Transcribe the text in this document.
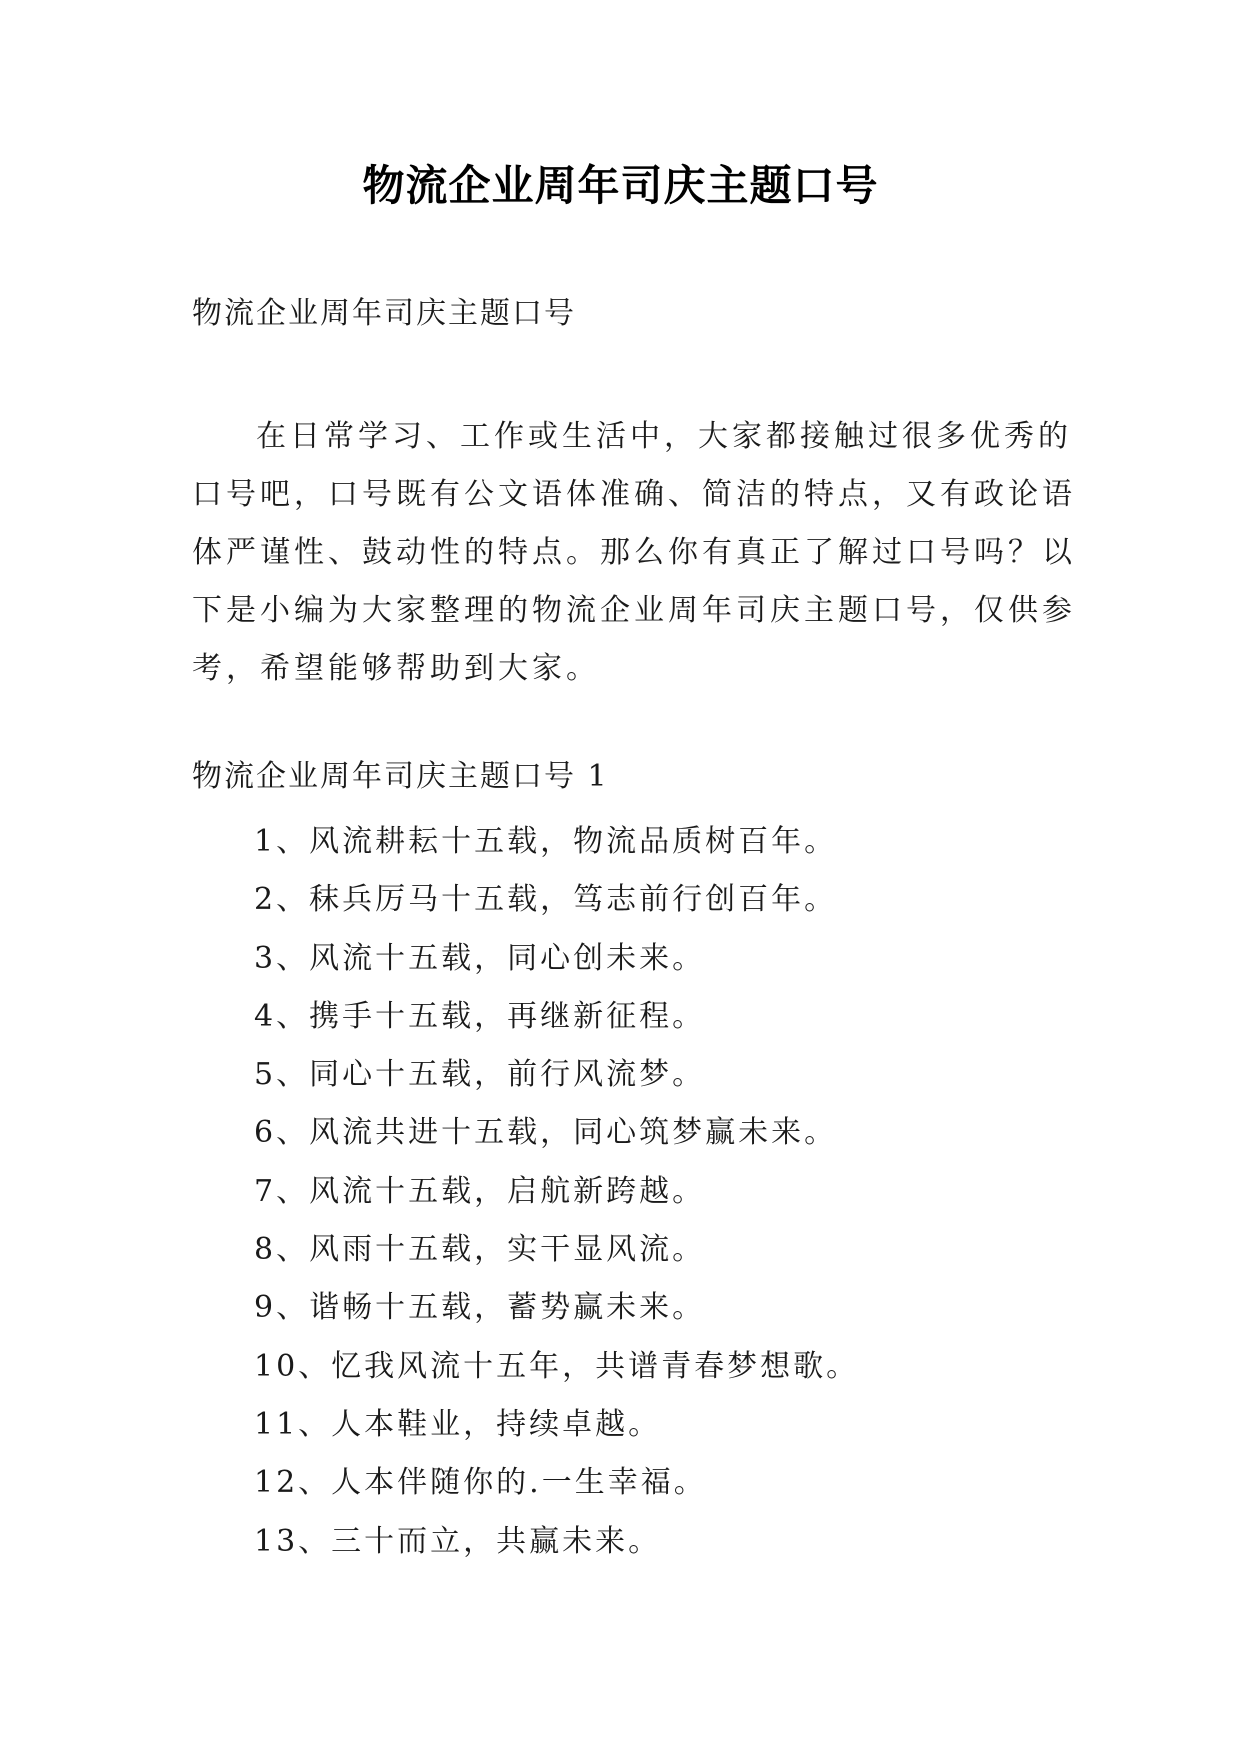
物流企业周年司庆主题口号
物流企业周年司庆主题口号
在日常学习、工作或生活中，大家都接触过很多优秀的
口号吧，口号既有公文语体准确、简洁的特点，又有政论语
体严谨性、鼓动性的特点。那么你有真正了解过口号吗？以
下是小编为大家整理的物流企业周年司庆主题口号，仅供参
考，希望能够帮助到大家。
物流企业周年司庆主题口号 1
1、风流耕耘十五载，物流品质树百年。
2、秣兵厉马十五载，笃志前行创百年。
3、风流十五载，同心创未来。
4、携手十五载，再继新征程。
5、同心十五载，前行风流梦。
6、风流共进十五载，同心筑梦赢未来。
7、风流十五载，启航新跨越。
8、风雨十五载，实干显风流。
9、谐畅十五载，蓄势赢未来。
10、忆我风流十五年，共谱青春梦想歌。
11、人本鞋业，持续卓越。
12、人本伴随你的.一生幸福。
13、三十而立，共赢未来。
